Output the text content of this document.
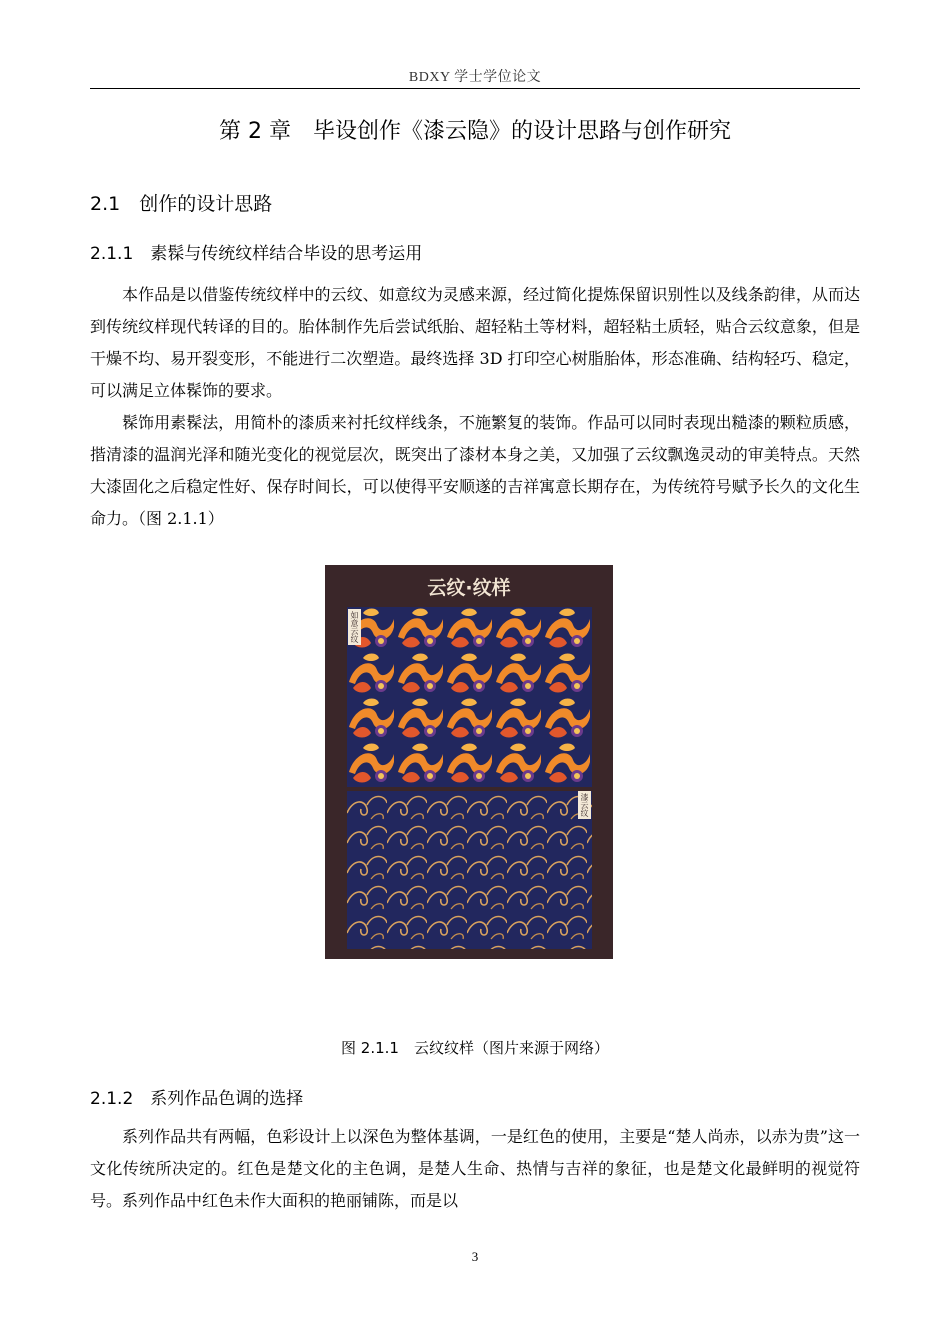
BDXY 学士学位论文
第 2 章　毕设创作《漆云隐》的设计思路与创作研究
2.1　创作的设计思路
2.1.1　素髹与传统纹样结合毕设的思考运用
本作品是以借鉴传统纹样中的云纹、如意纹为灵感来源，经过简化提炼保留识别性以及线条韵律，从而达到传统纹样现代转译的目的。胎体制作先后尝试纸胎、超轻粘土等材料，超轻粘土质轻，贴合云纹意象，但是干燥不均、易开裂变形，不能进行二次塑造。最终选择 3D 打印空心树脂胎体，形态准确、结构轻巧、稳定，可以满足立体髹饰的要求。
髹饰用素髹法，用简朴的漆质来衬托纹样线条，不施繁复的装饰。作品可以同时表现出糙漆的颗粒质感，揩清漆的温润光泽和随光变化的视觉层次，既突出了漆材本身之美，又加强了云纹飘逸灵动的审美特点。天然大漆固化之后稳定性好、保存时间长，可以使得平安顺遂的吉祥寓意长期存在，为传统符号赋予长久的文化生命力。（图 2.1.1）
云纹·纹样
如意云纹
漆云纹
图 2.1.1　云纹纹样（图片来源于网络）
2.1.2　系列作品色调的选择
系列作品共有两幅，色彩设计上以深色为整体基调，一是红色的使用，主要是“楚人尚赤，以赤为贵”这一文化传统所决定的。红色是楚文化的主色调，是楚人生命、热情与吉祥的象征，也是楚文化最鲜明的视觉符号。系列作品中红色未作大面积的艳丽铺陈，而是以
3
